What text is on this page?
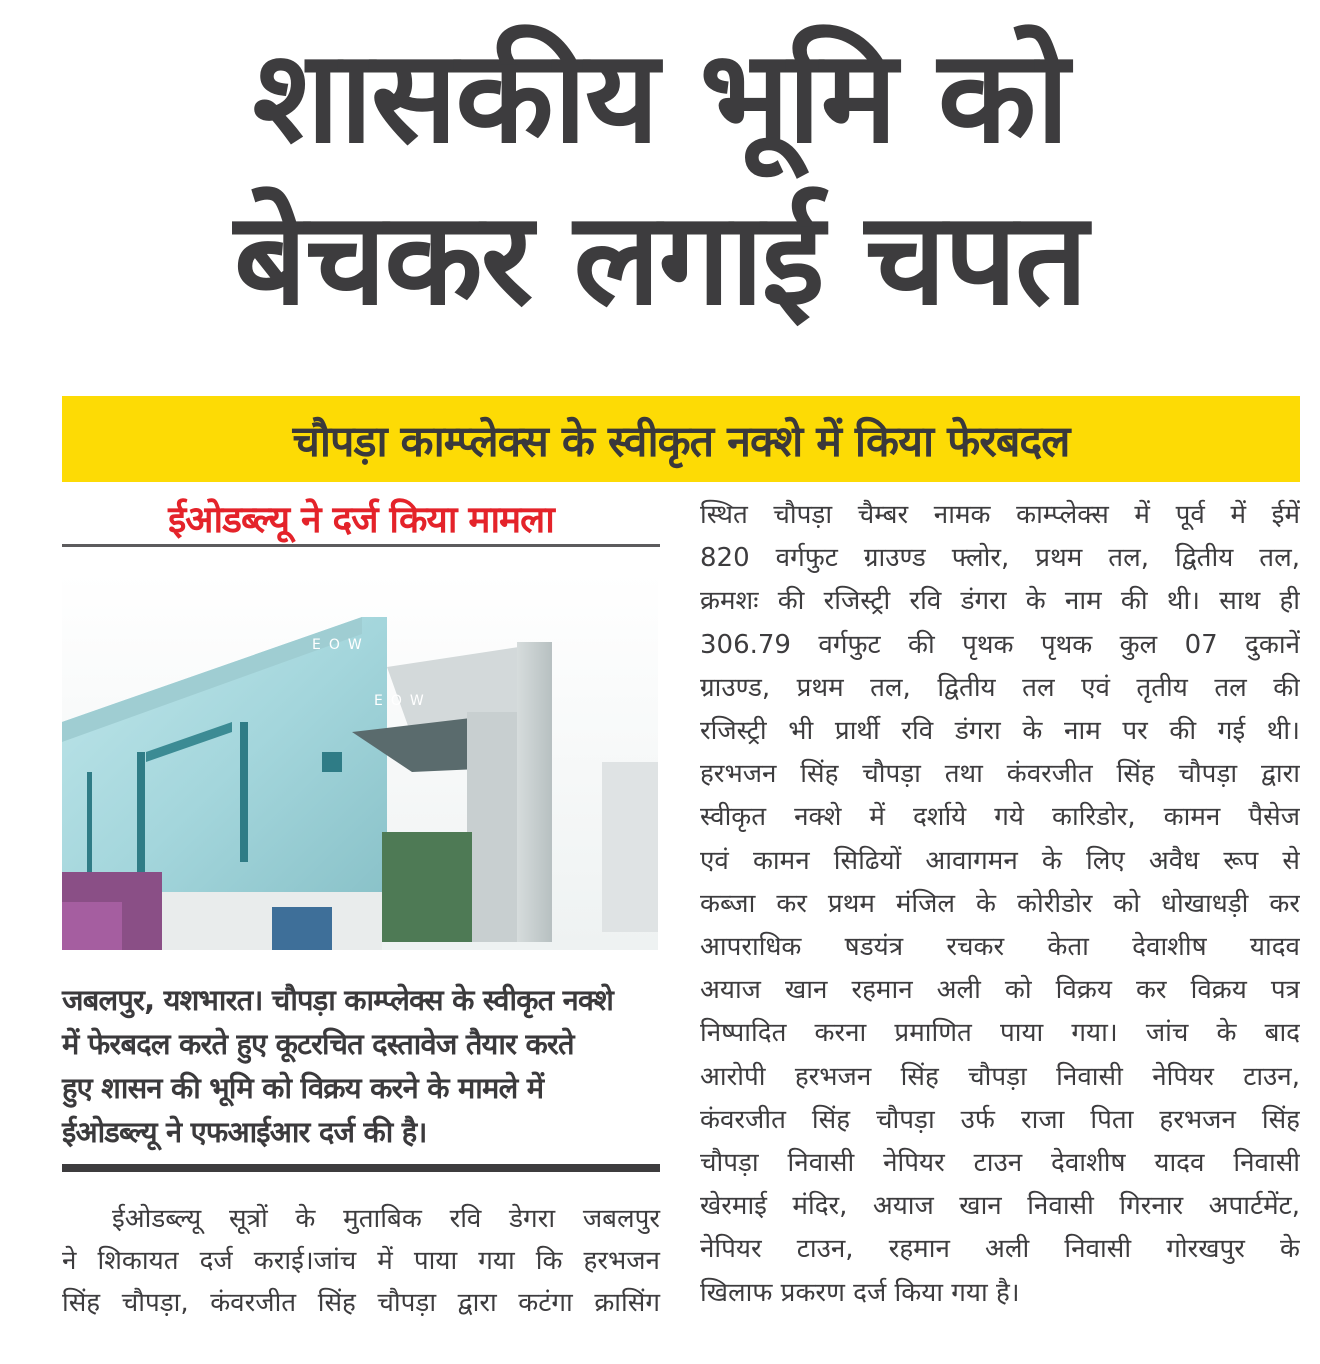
शासकीय भूमि को
बेचकर लगाई चपत
चौपड़ा काम्प्लेक्स के स्वीकृत नक्शे में किया फेरबदल
ईओडब्ल्यू ने दर्ज किया मामला
EOW
EOW
जबलपुर, यशभारत। चौपड़ा काम्प्लेक्स के स्वीकृत नक्शे
में फेरबदल करते हुए कूटरचित दस्तावेज तैयार करते
हुए शासन की भूमि को विक्रय करने के मामले में
ईओडब्ल्यू ने एफआईआर दर्ज की है।
ईओडब्ल्यू सूत्रों के मुताबिक रवि डेगरा जबलपुर
ने शिकायत दर्ज कराई।जांच में पाया गया कि हरभजन
सिंह चौपड़ा, कंवरजीत सिंह चौपड़ा द्वारा कटंगा क्रासिंग
स्थित चौपड़ा चैम्बर नामक काम्प्लेक्स में पूर्व में ईमें
820 वर्गफुट ग्राउण्ड फ्लोर, प्रथम तल, द्वितीय तल,
क्रमशः की रजिस्ट्री रवि डंगरा के नाम की थी। साथ ही
306.79 वर्गफुट की पृथक पृथक कुल 07 दुकानें
ग्राउण्ड, प्रथम तल, द्वितीय तल एवं तृतीय तल की
रजिस्ट्री भी प्रार्थी रवि डंगरा के नाम पर की गई थी।
हरभजन सिंह चौपड़ा तथा कंवरजीत सिंह चौपड़ा द्वारा
स्वीकृत नक्शे में दर्शाये गये कारिडोर, कामन पैसेज
एवं कामन सिढियों आवागमन के लिए अवैध रूप से
कब्जा कर प्रथम मंजिल के कोरीडोर को धोखाधड़ी कर
आपराधिक षडयंत्र रचकर केता देवाशीष यादव
अयाज खान रहमान अली को विक्रय कर विक्रय पत्र
निष्पादित करना प्रमाणित पाया गया। जांच के बाद
आरोपी हरभजन सिंह चौपड़ा निवासी नेपियर टाउन,
कंवरजीत सिंह चौपड़ा उर्फ राजा पिता हरभजन सिंह
चौपड़ा निवासी नेपियर टाउन देवाशीष यादव निवासी
खेरमाई मंदिर, अयाज खान निवासी गिरनार अपार्टमेंट,
नेपियर टाउन, रहमान अली निवासी गोरखपुर के
खिलाफ प्रकरण दर्ज किया गया है।
